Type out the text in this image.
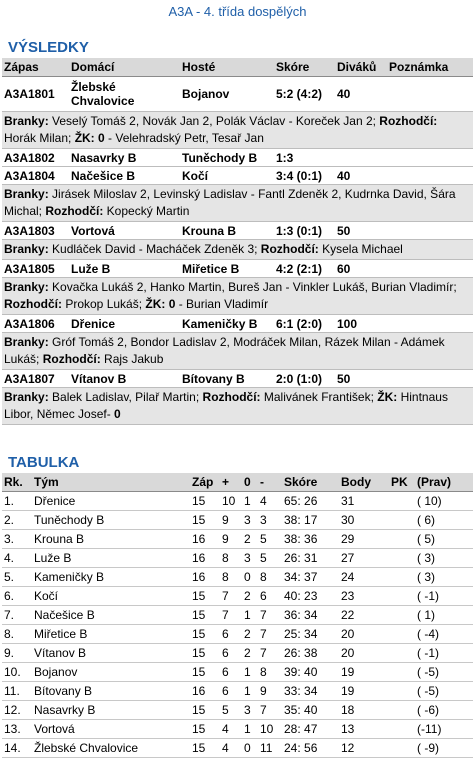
A3A - 4. třída dospělých
VÝSLEDKY
Zápas	Domácí	Hosté	Skóre	Diváků	Poznámka
A3A1801	Žlebské Chvalovice	Bojanov	5:2 (4:2)	40	
Branky: Veselý Tomáš 2, Novák Jan 2, Polák Václav - Koreček Jan 2; Rozhodčí: Horák Milan; ŽK: 0 - Velehradský Petr, Tesař Jan					
A3A1802	Nasavrky B	Tuněchody B	1:3		
A3A1804	Načešice B	Kočí	3:4 (0:1)	40	
Branky: Jirásek Miloslav 2, Levinský Ladislav - Fantl Zdeněk 2, Kudrnka David, Šára Michal; Rozhodčí: Kopecký Martin					
A3A1803	Vortová	Krouna B	1:3 (0:1)	50	
Branky: Kudláček David - Macháček Zdeněk 3; Rozhodčí: Kysela Michael					
A3A1805	Luže B	Miřetice B	4:2 (2:1)	60	
Branky: Kovačka Lukáš 2, Hanko Martin, Bureš Jan - Vinkler Lukáš, Burian Vladimír; Rozhodčí: Prokop Lukáš; ŽK: 0 - Burian Vladimír					
A3A1806	Dřenice	Kameničky B	6:1 (2:0)	100	
Branky: Gróf Tomáš 2, Bondor Ladislav 2, Modráček Milan, Rázek Milan - Adámek Lukáš; Rozhodčí: Rajs Jakub					
A3A1807	Vítanov B	Bítovany B	2:0 (1:0)	50	
Branky: Balek Ladislav, Pilař Martin; Rozhodčí: Malivánek František; ŽK: Hintnaus Libor, Němec Josef- 0					
TABULKA
Rk.	Tým	Záp	+	0	-	Skóre	Body	PK	(Prav)
1.	Dřenice	15	10	1	4	65: 26	31		( 10)
2.	Tuněchody B	15	9	3	3	38: 17	30		( 6)
3.	Krouna B	16	9	2	5	38: 36	29		( 5)
4.	Luže B	16	8	3	5	26: 31	27		( 3)
5.	Kameničky B	16	8	0	8	34: 37	24		( 3)
6.	Kočí	15	7	2	6	40: 23	23		( -1)
7.	Načešice B	15	7	1	7	36: 34	22		( 1)
8.	Miřetice B	15	6	2	7	25: 34	20		( -4)
9.	Vítanov B	15	6	2	7	26: 38	20		( -1)
10.	Bojanov	15	6	1	8	39: 40	19		( -5)
11.	Bítovany B	16	6	1	9	33: 34	19		( -5)
12.	Nasavrky B	15	5	3	7	35: 40	18		( -6)
13.	Vortová	15	4	1	10	28: 47	13		(-11)
14.	Žlebské Chvalovice	15	4	0	11	24: 56	12		( -9)
